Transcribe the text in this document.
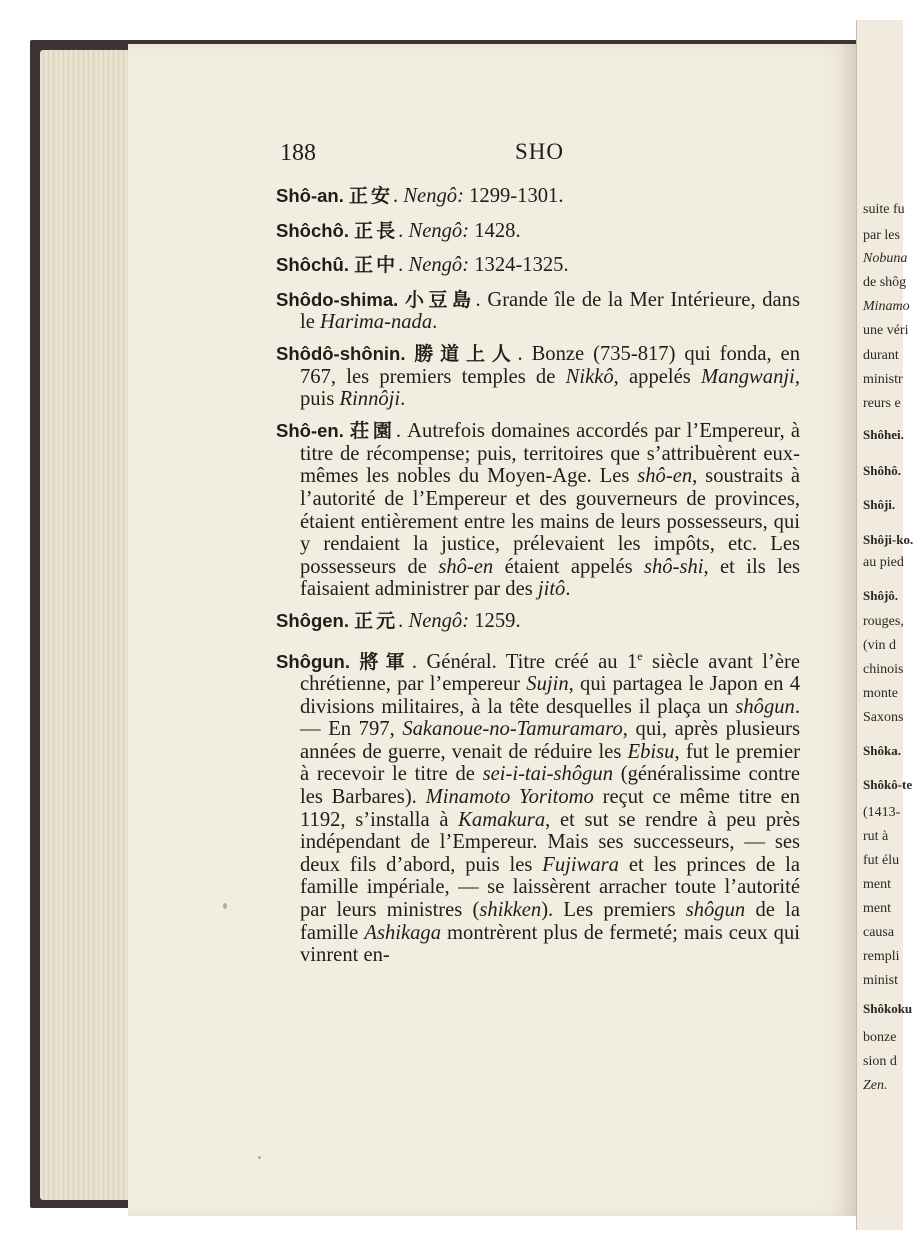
suite fu
par les
Nobuna
de shôg
Minamo
une véri
durant
ministr
reurs e
Shôhei.
Shôhô.
Shôji.
Shôji-ko.
au pied
Shôjô.
rouges,
(vin d
chinois
monte
Saxons
Shôka.
Shôkô-te
(1413-
rut à
fut élu
ment
ment
causa
rempli
minist
Shôkoku
bonze
sion d
Zen.
188	SHO

Shô-an. 正安. Nengô: 1299-1301.

Shôchô. 正長. Nengô: 1428.

Shôchû. 正中. Nengô: 1324-1325.

Shôdo-shima. 小豆島. Grande île de la Mer Intérieure, dans le Harima-nada.

Shôdô-shônin. 勝道上人. Bonze (735-817) qui fonda, en 767, les premiers temples de Nikkô, appelés Mangwanji, puis Rinnôji.

Shô-en. 荘園. Autrefois domaines accordés par l’Empereur, à titre de récompense; puis, territoires que s’attribuèrent eux-mêmes les nobles du Moyen-Age. Les shô-en, soustraits à l’autorité de l’Empereur et des gouverneurs de provinces, étaient entièrement entre les mains de leurs possesseurs, qui y rendaient la justice, prélevaient les impôts, etc. Les possesseurs de shô-en étaient appelés shô-shi, et ils les faisaient administrer par des jitô.

Shôgen. 正元. Nengô: 1259.

Shôgun. 將軍. Général. Titre créé au 1e siècle avant l’ère chrétienne, par l’empereur Sujin, qui partagea le Japon en 4 divisions militaires, à la tête desquelles il plaça un shôgun. — En 797, Sakanoue-no-Tamuramaro, qui, après plusieurs années de guerre, venait de réduire les Ebisu, fut le premier à recevoir le titre de sei-i-tai-shôgun (généralissime contre les Barbares). Minamoto Yoritomo reçut ce même titre en 1192, s’installa à Kamakura, et sut se rendre à peu près indépendant de l’Empereur. Mais ses successeurs, — ses deux fils d’abord, puis les Fujiwara et les princes de la famille impériale, — se laissèrent arracher toute l’autorité par leurs ministres (shikken). Les premiers shôgun de la famille Ashikaga montrèrent plus de fermeté; mais ceux qui vinrent en-
